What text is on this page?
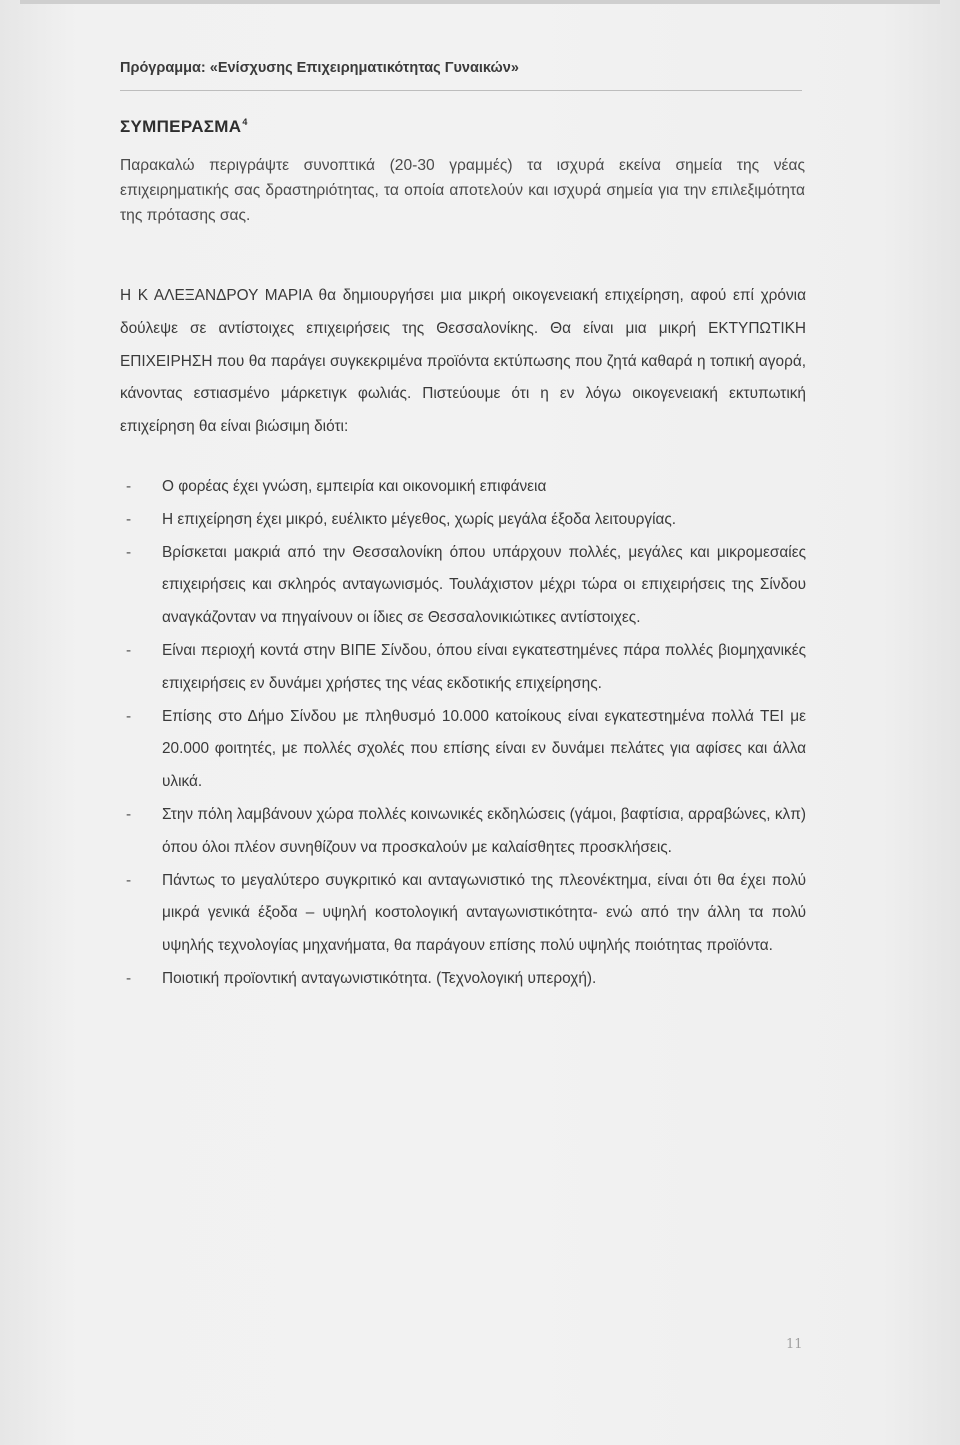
Πρόγραμμα: «Ενίσχυσης Επιχειρηματικότητας Γυναικών»
ΣΥΜΠΕΡΑΣΜΑ$^4$
Παρακαλώ περιγράψτε συνοπτικά (20-30 γραμμές) τα ισχυρά εκείνα σημεία της νέας επιχειρηματικής σας δραστηριότητας, τα οποία αποτελούν και ισχυρά σημεία για την επιλεξιμότητα της πρότασης σας.
Η Κ ΑΛΕΞΑΝΔΡΟΥ ΜΑΡΙΑ θα δημιουργήσει μια μικρή οικογενειακή επιχείρηση, αφού επί χρόνια δούλεψε σε αντίστοιχες επιχειρήσεις της Θεσσαλονίκης. Θα είναι μια μικρή ΕΚΤΥΠΩΤΙΚΗ ΕΠΙΧΕΙΡΗΣΗ που θα παράγει συγκεκριμένα προϊόντα εκτύπωσης που ζητά καθαρά η τοπική αγορά, κάνοντας εστιασμένο μάρκετιγκ φωλιάς. Πιστεύουμε ότι η εν λόγω οικογενειακή εκτυπωτική επιχείρηση θα είναι βιώσιμη διότι:
- Ο φορέας έχει γνώση, εμπειρία και οικονομική επιφάνεια
- Η επιχείρηση έχει μικρό, ευέλικτο μέγεθος, χωρίς μεγάλα έξοδα λειτουργίας.
- Βρίσκεται μακριά από την Θεσσαλονίκη όπου υπάρχουν πολλές, μεγάλες και μικρομεσαίες επιχειρήσεις και σκληρός ανταγωνισμός. Τουλάχιστον μέχρι τώρα οι επιχειρήσεις της Σίνδου αναγκάζονταν να πηγαίνουν οι ίδιες σε Θεσσαλονικιώτικες αντίστοιχες.
- Είναι περιοχή κοντά στην ΒΙΠΕ Σίνδου, όπου είναι εγκατεστημένες πάρα πολλές βιομηχανικές επιχειρήσεις εν δυνάμει χρήστες της νέας εκδοτικής επιχείρησης.
- Επίσης στο Δήμο Σίνδου με πληθυσμό 10.000 κατοίκους είναι εγκατεστημένα πολλά ΤΕΙ με 20.000 φοιτητές, με πολλές σχολές που επίσης είναι εν δυνάμει πελάτες για αφίσες και άλλα υλικά.
- Στην πόλη λαμβάνουν χώρα πολλές κοινωνικές εκδηλώσεις (γάμοι, βαφτίσια, αρραβώνες, κλπ) όπου όλοι πλέον συνηθίζουν να προσκαλούν με καλαίσθητες προσκλήσεις.
- Πάντως το μεγαλύτερο συγκριτικό και ανταγωνιστικό της πλεονέκτημα, είναι ότι θα έχει πολύ μικρά γενικά έξοδα – υψηλή κοστολογική ανταγωνιστικότητα- ενώ από την άλλη τα πολύ υψηλής τεχνολογίας μηχανήματα, θα παράγουν επίσης πολύ υψηλής ποιότητας προϊόντα.
- Ποιοτική προϊοντική ανταγωνιστικότητα. (Τεχνολογική υπεροχή).
11
